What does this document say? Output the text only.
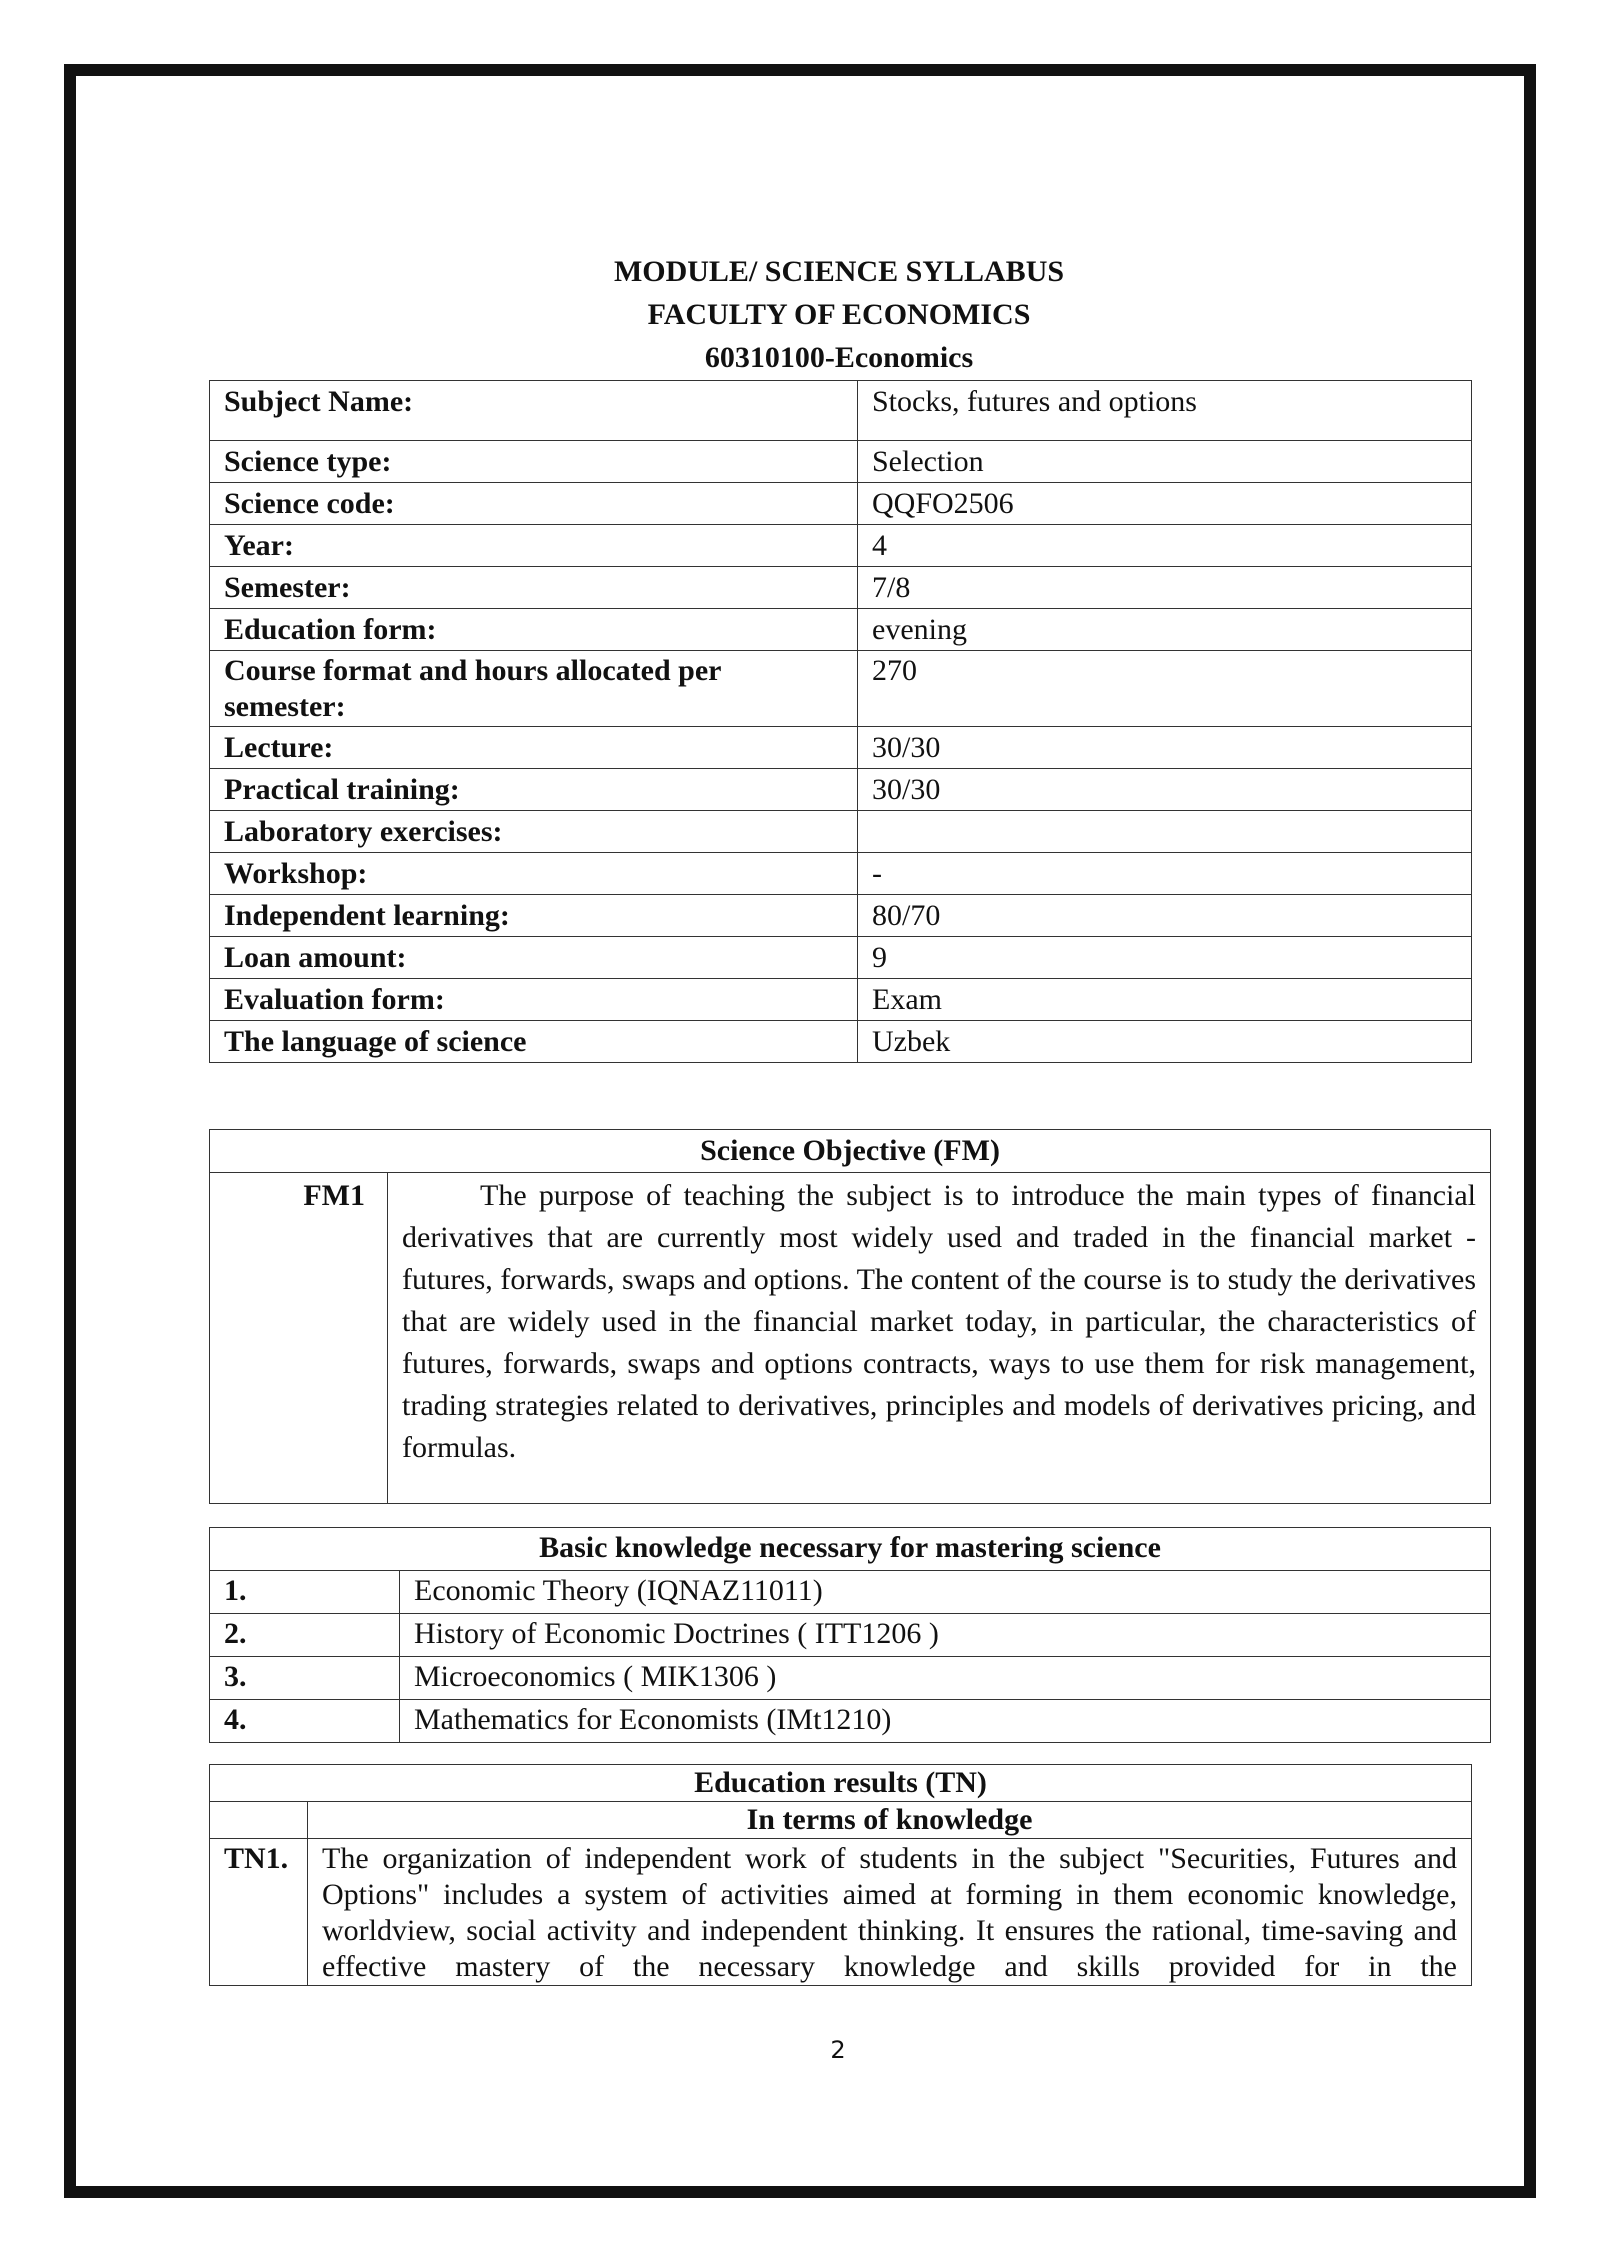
MODULE/ SCIENCE SYLLABUS
FACULTY OF ECONOMICS
60310100-Economics
Subject Name:	Stocks, futures and options
Science type:	Selection
Science code:	QQFO2506
Year:	4
Semester:	7/8
Education form:	evening
Course format and hours allocated per semester:	270
Lecture:	30/30
Practical training:	30/30
Laboratory exercises:	
Workshop:	-
Independent learning:	80/70
Loan amount:	9
Evaluation form:	Exam
The language of science	Uzbek
Science Objective (FM)
FM1	The purpose of teaching the subject is to introduce the main types of financial derivatives that are currently most widely used and traded in the financial market - futures, forwards, swaps and options. The content of the course is to study the derivatives that are widely used in the financial market today, in particular, the characteristics of futures, forwards, swaps and options contracts, ways to use them for risk management, trading strategies related to derivatives, principles and models of derivatives pricing, and formulas.
Basic knowledge necessary for mastering science	
1.	Economic Theory (IQNAZ11011)
2.	History of Economic Doctrines ( ITT1206 )
3.	Microeconomics ( MIK1306 )
4.	Mathematics for Economists (IMt1210)
Education results (TN)	
	In terms of knowledge
TN1.	The organization of independent work of students in the subject "Securities, Futures and Options" includes a system of activities aimed at forming in them economic knowledge, worldview, social activity and independent thinking. It ensures the rational, time-saving and effective mastery of the necessary knowledge and skills provided for in the
2
